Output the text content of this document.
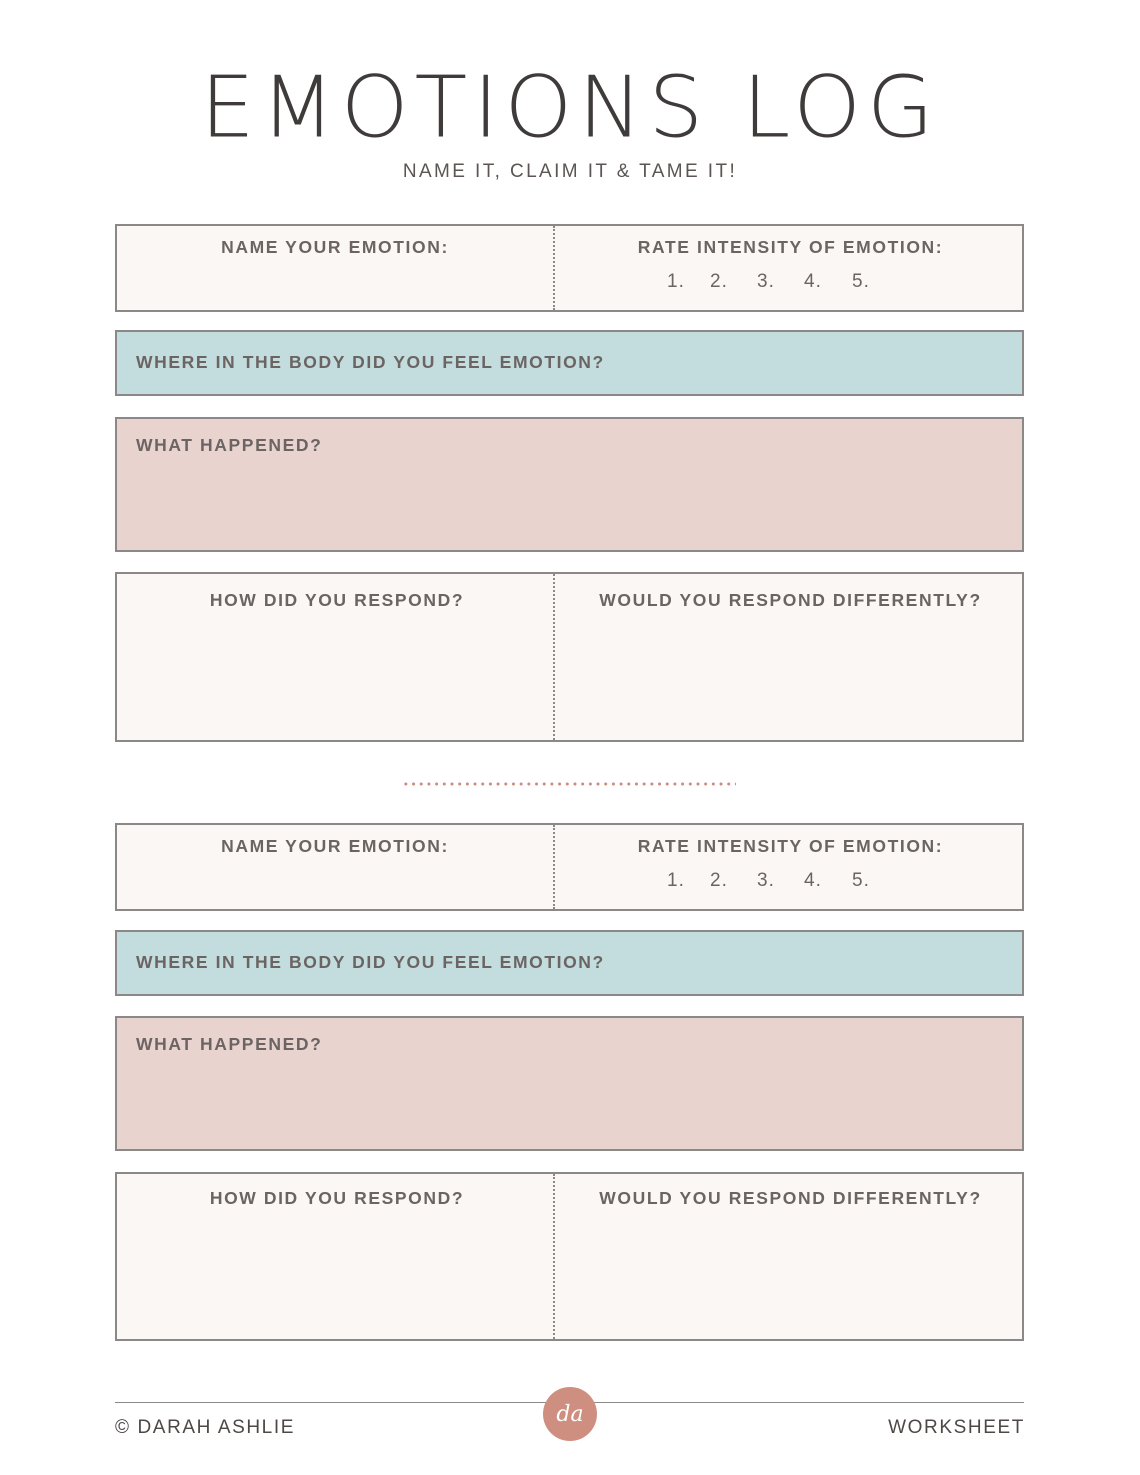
EMOTIONS LOG
NAME IT, CLAIM IT & TAME IT!
NAME YOUR EMOTION:	RATE INTENSITY OF EMOTION:
1. 2. 3. 4. 5.
WHERE IN THE BODY DID YOU FEEL EMOTION?
WHAT HAPPENED?
HOW DID YOU RESPOND?	WOULD YOU RESPOND DIFFERENTLY?
NAME YOUR EMOTION:	RATE INTENSITY OF EMOTION:
1. 2. 3. 4. 5.
WHERE IN THE BODY DID YOU FEEL EMOTION?
WHAT HAPPENED?
HOW DID YOU RESPOND?	WOULD YOU RESPOND DIFFERENTLY?
da
© DARAH ASHLIE	WORKSHEET
